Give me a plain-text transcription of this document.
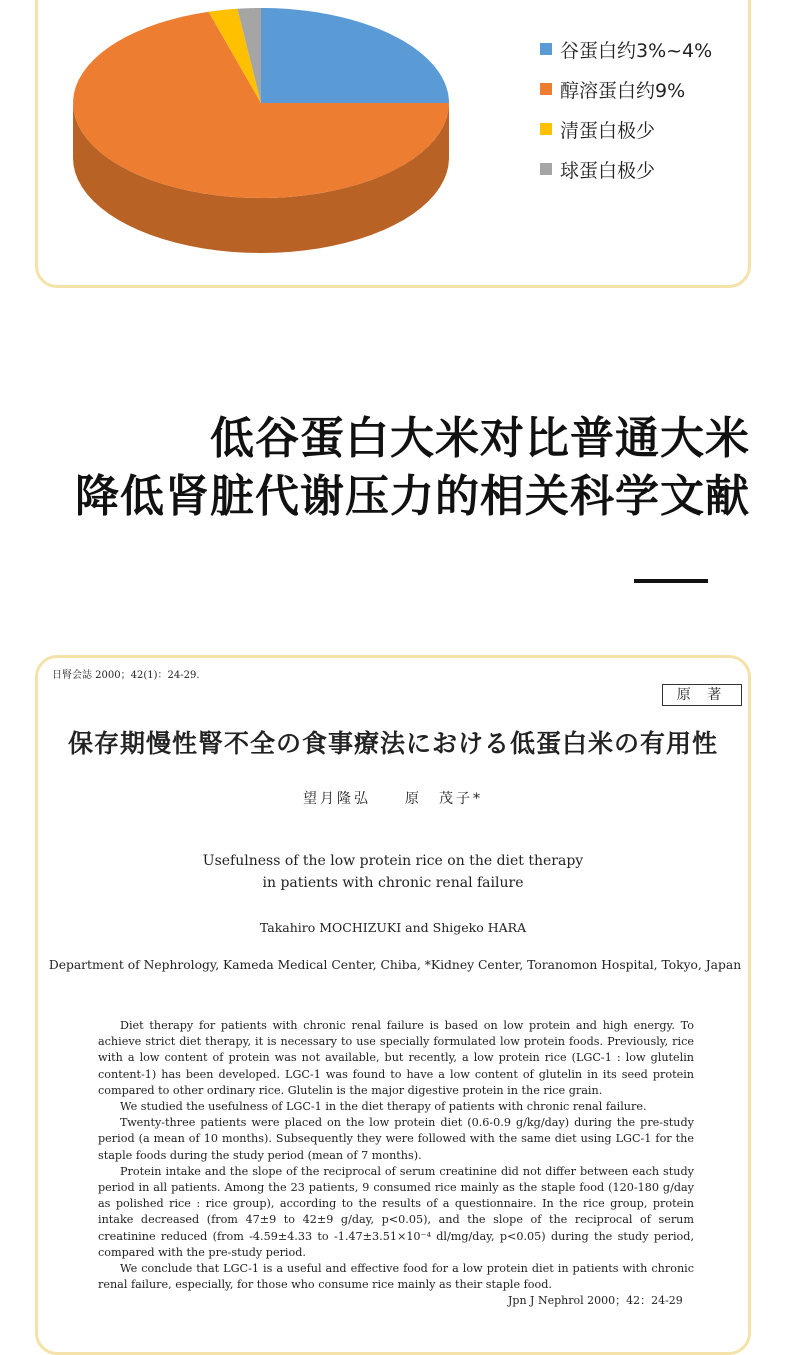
谷蛋白约3%~4%
醇溶蛋白约9%
清蛋白极少
球蛋白极少
低谷蛋白大米对比普通大米
降低肾脏代谢压力的相关科学文献
日腎会誌 2000；42(1)：24-29.
原 著
保存期慢性腎不全の食事療法における低蛋白米の有用性
望月隆弘　　原　茂子*
Usefulness of the low protein rice on the diet therapy
in patients with chronic renal failure
Takahiro MOCHIZUKI and Shigeko HARA
Department of Nephrology, Kameda Medical Center, Chiba, *Kidney Center, Toranomon Hospital, Tokyo, Japan

Diet therapy for patients with chronic renal failure is based on low protein and high energy. To achieve strict diet therapy, it is necessary to use specially formulated low protein foods. Previously, rice with a low content of protein was not available, but recently, a low protein rice (LGC-1 : low glutelin content-1) has been developed. LGC-1 was found to have a low content of glutelin in its seed protein compared to other ordinary rice. Glutelin is the major digestive protein in the rice grain.

We studied the usefulness of LGC-1 in the diet therapy of patients with chronic renal failure.

Twenty-three patients were placed on the low protein diet (0.6-0.9 g/kg/day) during the pre-study period (a mean of 10 months). Subsequently they were followed with the same diet using LGC-1 for the staple foods during the study period (mean of 7 months).

Protein intake and the slope of the reciprocal of serum creatinine did not differ between each study period in all patients. Among the 23 patients, 9 consumed rice mainly as the staple food (120-180 g/day as polished rice : rice group), according to the results of a questionnaire. In the rice group, protein intake decreased (from 47±9 to 42±9 g/day, p<0.05), and the slope of the reciprocal of serum creatinine reduced (from -4.59±4.33 to -1.47±3.51×10⁻⁴ dl/mg/day, p<0.05) during the study period, compared with the pre-study period.

We conclude that LGC-1 is a useful and effective food for a low protein diet in patients with chronic renal failure, especially, for those who consume rice mainly as their staple food.

Jpn J Nephrol 2000；42：24-29
